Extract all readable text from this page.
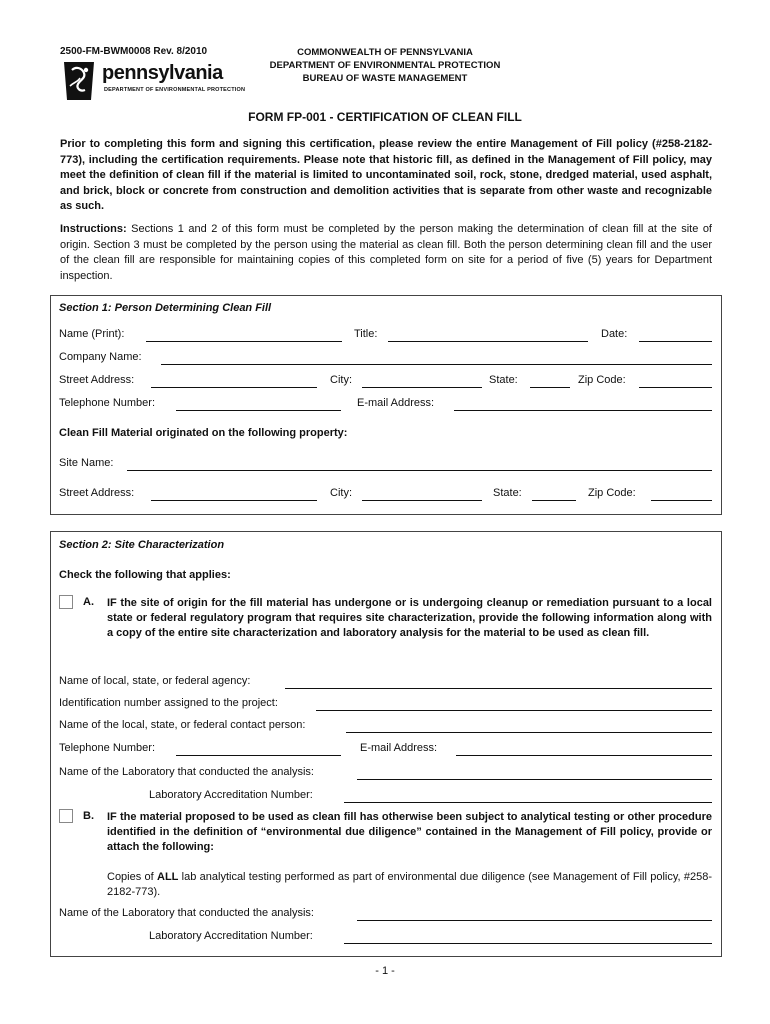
2500-FM-BWM0008 Rev. 8/2010
pennsylvania
DEPARTMENT OF ENVIRONMENTAL PROTECTION
COMMONWEALTH OF PENNSYLVANIA
DEPARTMENT OF ENVIRONMENTAL PROTECTION
BUREAU OF WASTE MANAGEMENT
FORM FP-001 - CERTIFICATION OF CLEAN FILL
Prior to completing this form and signing this certification, please review the entire Management of Fill policy (#258-2182-773), including the certification requirements. Please note that historic fill, as defined in the Management of Fill policy, may meet the definition of clean fill if the material is limited to uncontaminated soil, rock, stone, dredged material, used asphalt, and brick, block or concrete from construction and demolition activities that is separate from other waste and recognizable as such.
Instructions: Sections 1 and 2 of this form must be completed by the person making the determination of clean fill at the site of origin. Section 3 must be completed by the person using the material as clean fill. Both the person determining clean fill and the user of the clean fill are responsible for maintaining copies of this completed form on site for a period of five (5) years for Department inspection.
Section 1: Person Determining Clean Fill
Name (Print):	Title:	Date:
Company Name:
Street Address:	City:	State:	Zip Code:
Telephone Number:	E-mail Address:
Clean Fill Material originated on the following property:
Site Name:
Street Address:	City:	State:	Zip Code:
Section 2: Site Characterization
Check the following that applies:
A. IF the site of origin for the fill material has undergone or is undergoing cleanup or remediation pursuant to a local state or federal regulatory program that requires site characterization, provide the following information along with a copy of the entire site characterization and laboratory analysis for the material to be used as clean fill.
Name of local, state, or federal agency:
Identification number assigned to the project:
Name of the local, state, or federal contact person:
Telephone Number:	E-mail Address:
Name of the Laboratory that conducted the analysis:
Laboratory Accreditation Number:
B. IF the material proposed to be used as clean fill has otherwise been subject to analytical testing or other procedure identified in the definition of “environmental due diligence” contained in the Management of Fill policy, provide or attach the following:
Copies of ALL lab analytical testing performed as part of environmental due diligence (see Management of Fill policy, #258-2182-773).
Name of the Laboratory that conducted the analysis:
Laboratory Accreditation Number:
- 1 -
